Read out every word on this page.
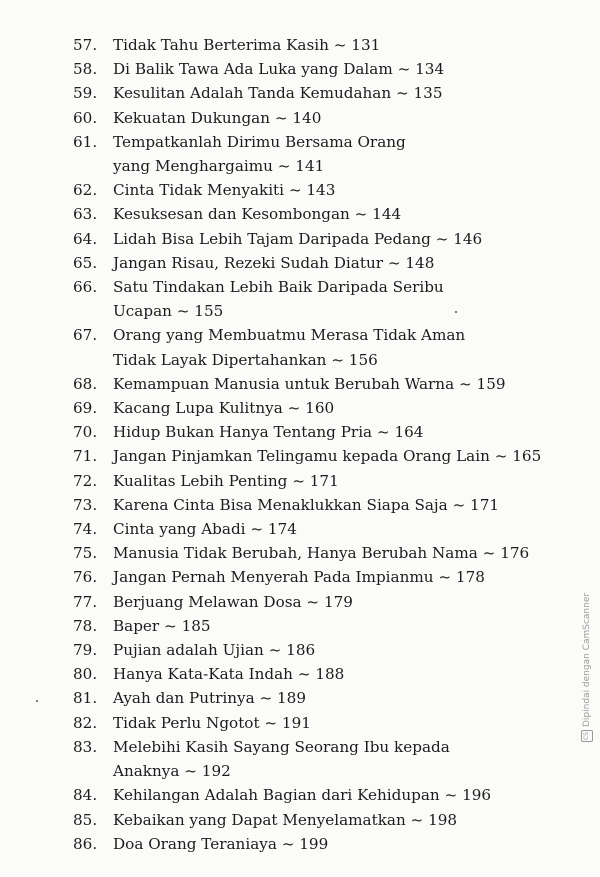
57.	Tidak Tahu Berterima Kasih ~ 131
58.	Di Balik Tawa Ada Luka yang Dalam ~ 134
59.	Kesulitan Adalah Tanda Kemudahan ~ 135
60.	Kekuatan Dukungan ~ 140
61.	Tempatkanlah Dirimu Bersama Orang
yang Menghargaimu ~ 141
62.	Cinta Tidak Menyakiti ~ 143
63.	Kesuksesan dan Kesombongan ~ 144
64.	Lidah Bisa Lebih Tajam Daripada Pedang ~ 146
65.	Jangan Risau, Rezeki Sudah Diatur ~ 148
66.	Satu Tindakan Lebih Baik Daripada Seribu
Ucapan ~ 155
67.	Orang yang Membuatmu Merasa Tidak Aman
Tidak Layak Dipertahankan ~ 156
68.	Kemampuan Manusia untuk Berubah Warna ~ 159
69.	Kacang Lupa Kulitnya ~ 160
70.	Hidup Bukan Hanya Tentang Pria ~ 164
71.	Jangan Pinjamkan Telingamu kepada Orang Lain ~ 165
72.	Kualitas Lebih Penting ~ 171
73.	Karena Cinta Bisa Menaklukkan Siapa Saja ~ 171
74.	Cinta yang Abadi ~ 174
75.	Manusia Tidak Berubah, Hanya Berubah Nama ~ 176
76.	Jangan Pernah Menyerah Pada Impianmu ~ 178
77.	Berjuang Melawan Dosa ~ 179
78.	Baper ~ 185
79.	Pujian adalah Ujian ~ 186
80.	Hanya Kata-Kata Indah ~ 188
81.	Ayah dan Putrinya ~ 189
82.	Tidak Perlu Ngotot ~ 191
83.	Melebihi Kasih Sayang Seorang Ibu kepada
Anaknya ~ 192
84.	Kehilangan Adalah Bagian dari Kehidupan ~ 196
85.	Kebaikan yang Dapat Menyelamatkan ~ 198
86.	Doa Orang Teraniaya ~ 199
CS
Dipindai dengan CamScanner
